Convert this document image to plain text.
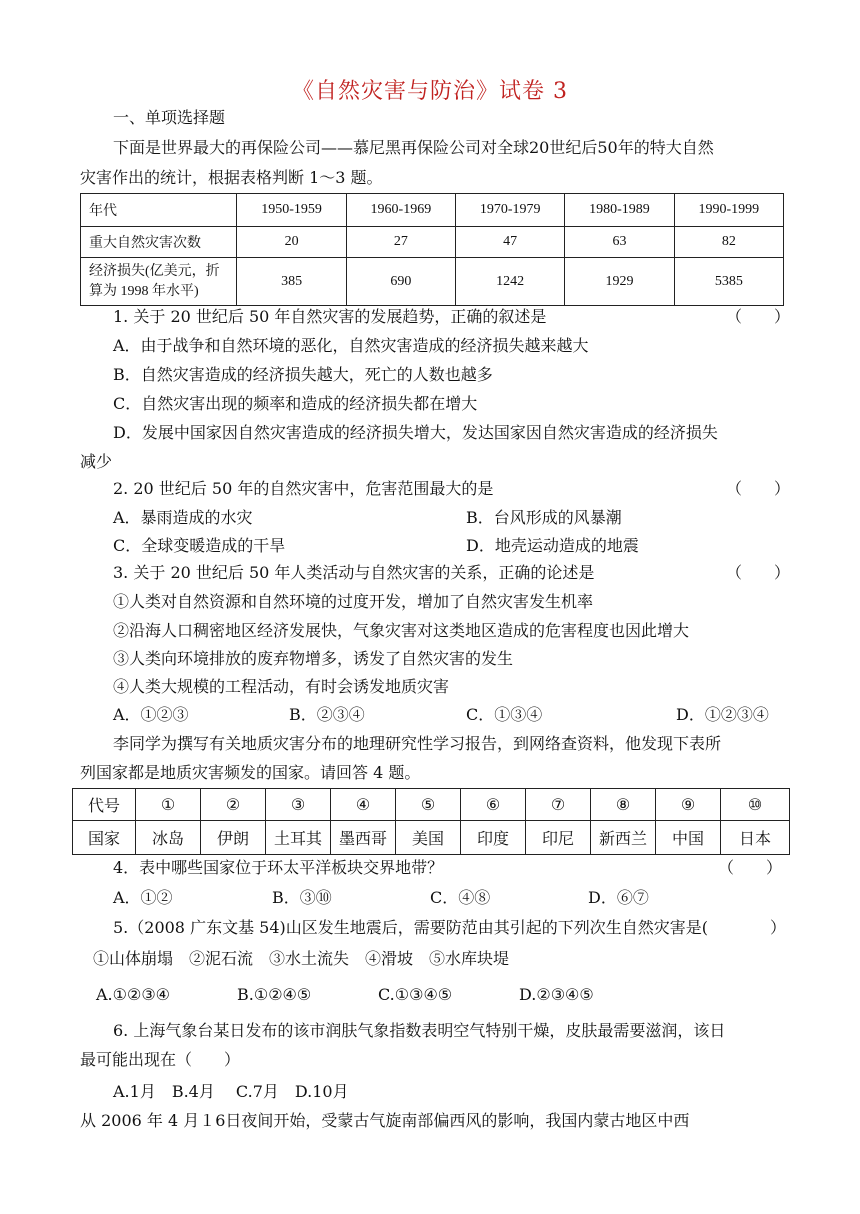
《自然灾害与防治》试卷 3
一、单项选择题
下面是世界最大的再保险公司——慕尼黑再保险公司对全球20世纪后50年的特大自然
灾害作出的统计，根据表格判断 1～3 题。
年代	1950-1959	1960-1969	1970-1979	1980-1989	1990-1999
重大自然灾害次数	20	27	47	63	82

经济损失(亿美元，折
算为 1998 年水平)	385	690	1242	1929	5385
1. 关于 20 世纪后 50 年自然灾害的发展趋势，正确的叙述是	（　　）
A．由于战争和自然环境的恶化，自然灾害造成的经济损失越来越大
B．自然灾害造成的经济损失越大，死亡的人数也越多
C．自然灾害出现的频率和造成的经济损失都在增大
D．发展中国家因自然灾害造成的经济损失增大，发达国家因自然灾害造成的经济损失
减少
2. 20 世纪后 50 年的自然灾害中，危害范围最大的是	（　　）
A．暴雨造成的水灾	B．台风形成的风暴潮
C．全球变暖造成的干旱	D．地壳运动造成的地震
3. 关于 20 世纪后 50 年人类活动与自然灾害的关系，正确的论述是	（　　）
①人类对自然资源和自然环境的过度开发，增加了自然灾害发生机率
②沿海人口稠密地区经济发展快，气象灾害对这类地区造成的危害程度也因此增大
③人类向环境排放的废弃物增多，诱发了自然灾害的发生
④人类大规模的工程活动，有时会诱发地质灾害
A．①②③	B．②③④	C．①③④	D．①②③④
李同学为撰写有关地质灾害分布的地理研究性学习报告，到网络查资料，他发现下表所
列国家都是地质灾害频发的国家。请回答 4 题。
代号	①	②	③	④	⑤	⑥	⑦	⑧	⑨	⑩
国家	冰岛	伊朗	土耳其	墨西哥	美国	印度	印尼	新西兰	中国	日本
4．表中哪些国家位于环太平洋板块交界地带？	（　　）
A．①②	B．③⑩	C．④⑧	D．⑥⑦
5.（2008 广东文基 54)山区发生地震后，需要防范由其引起的下列次生自然灾害是(	）
①山体崩塌　②泥石流　③水土流失　④滑坡　⑤水库块堤
A.①②③④	B.①②④⑤	C.①③④⑤	D.②③④⑤
6. 上海气象台某日发布的该市润肤气象指数表明空气特别干燥，皮肤最需要滋润，该日
最可能出现在（　　）
A.1月　B.4月　 C.7月　D.10月
从 2006 年 4 月１6日夜间开始，受蒙古气旋南部偏西风的影响，我国内蒙古地区中西
